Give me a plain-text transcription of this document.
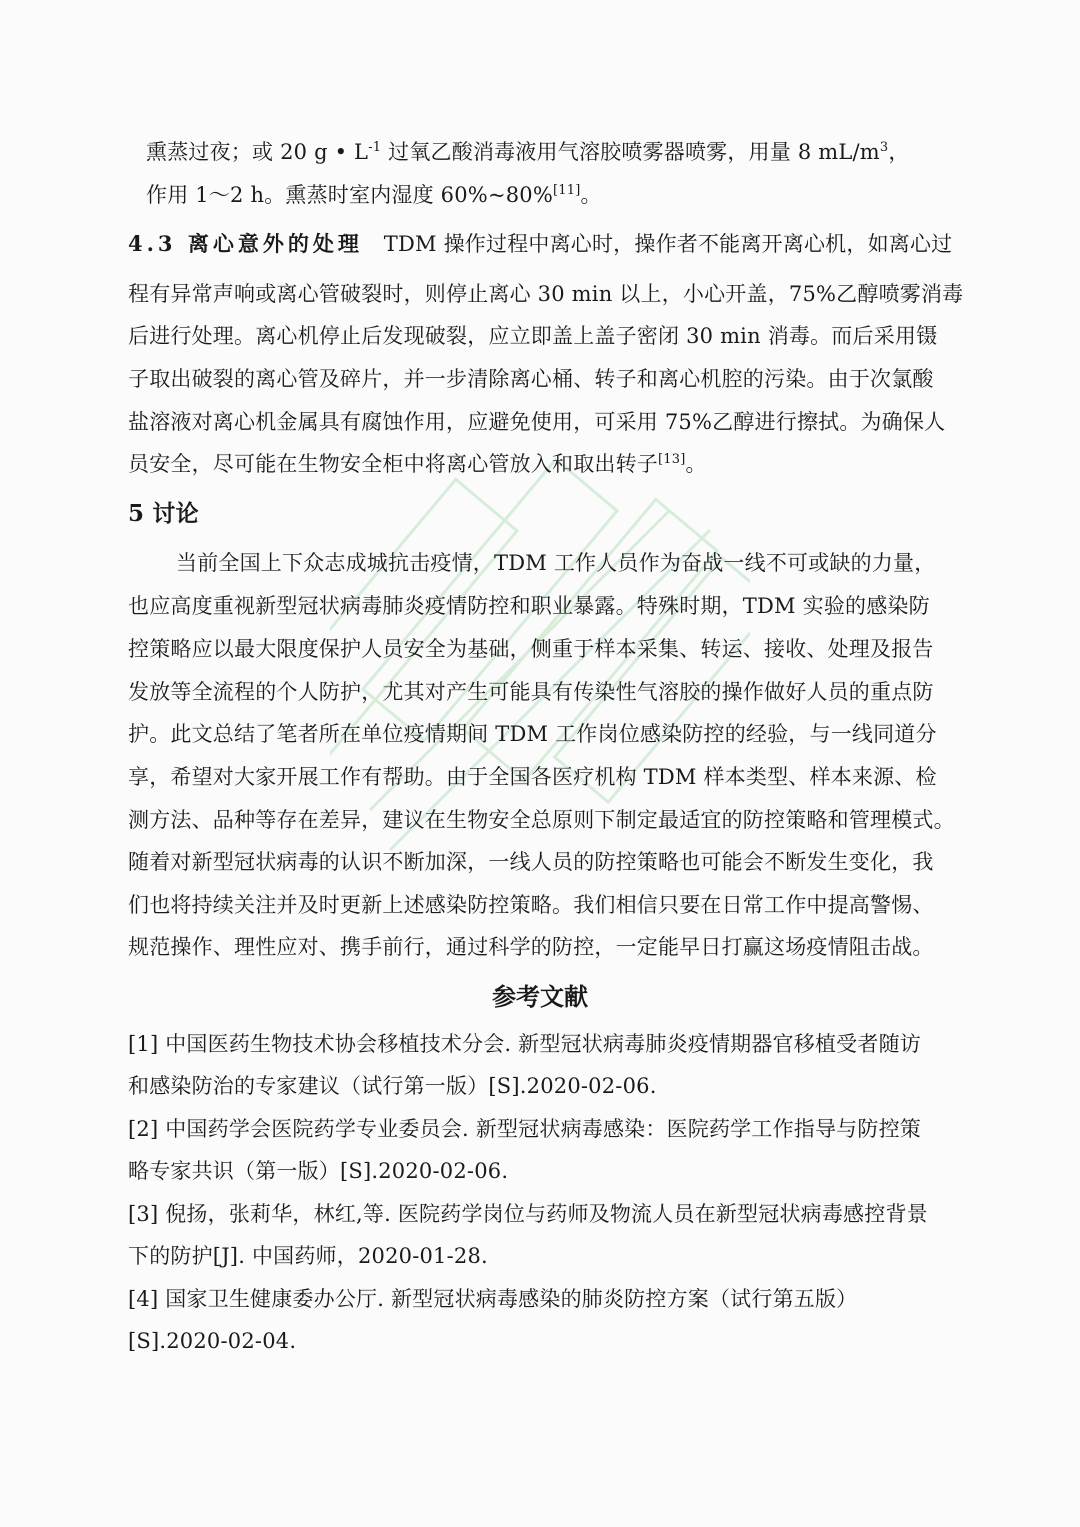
熏蒸过夜；或 20 g • $L^{-1}$ 过氧乙酸消毒液用气溶胶喷雾器喷雾，用量 8 $mL/m^3$，
作用 1～2 h。熏蒸时室内湿度 60%~80%[11]。
4.3 离心意外的处理 TDM 操作过程中离心时，操作者不能离开离心机，如离心过
程有异常声响或离心管破裂时，则停止离心 30 min 以上，小心开盖，75%乙醇喷雾消毒
后进行处理。离心机停止后发现破裂，应立即盖上盖子密闭 30 min 消毒。而后采用镊
子取出破裂的离心管及碎片，并一步清除离心桶、转子和离心机腔的污染。由于次氯酸
盐溶液对离心机金属具有腐蚀作用，应避免使用，可采用 75%乙醇进行擦拭。为确保人
员安全，尽可能在生物安全柜中将离心管放入和取出转子[13]。
5 讨论
当前全国上下众志成城抗击疫情，TDM 工作人员作为奋战一线不可或缺的力量，
也应高度重视新型冠状病毒肺炎疫情防控和职业暴露。特殊时期，TDM 实验的感染防
控策略应以最大限度保护人员安全为基础，侧重于样本采集、转运、接收、处理及报告
发放等全流程的个人防护，尤其对产生可能具有传染性气溶胶的操作做好人员的重点防
护。此文总结了笔者所在单位疫情期间 TDM 工作岗位感染防控的经验，与一线同道分
享，希望对大家开展工作有帮助。由于全国各医疗机构 TDM 样本类型、样本来源、检
测方法、品种等存在差异，建议在生物安全总原则下制定最适宜的防控策略和管理模式。
随着对新型冠状病毒的认识不断加深，一线人员的防控策略也可能会不断发生变化，我
们也将持续关注并及时更新上述感染防控策略。我们相信只要在日常工作中提高警惕、
规范操作、理性应对、携手前行，通过科学的防控，一定能早日打赢这场疫情阻击战。
参考文献
[1] 中国医药生物技术协会移植技术分会. 新型冠状病毒肺炎疫情期器官移植受者随访
和感染防治的专家建议（试行第一版）[S].2020-02-06.
[2] 中国药学会医院药学专业委员会. 新型冠状病毒感染：医院药学工作指导与防控策
略专家共识（第一版）[S].2020-02-06.
[3] 倪扬，张莉华，林红,等. 医院药学岗位与药师及物流人员在新型冠状病毒感控背景
下的防护[J]. 中国药师，2020-01-28.
[4] 国家卫生健康委办公厅. 新型冠状病毒感染的肺炎防控方案（试行第五版）
[S].2020-02-04.
